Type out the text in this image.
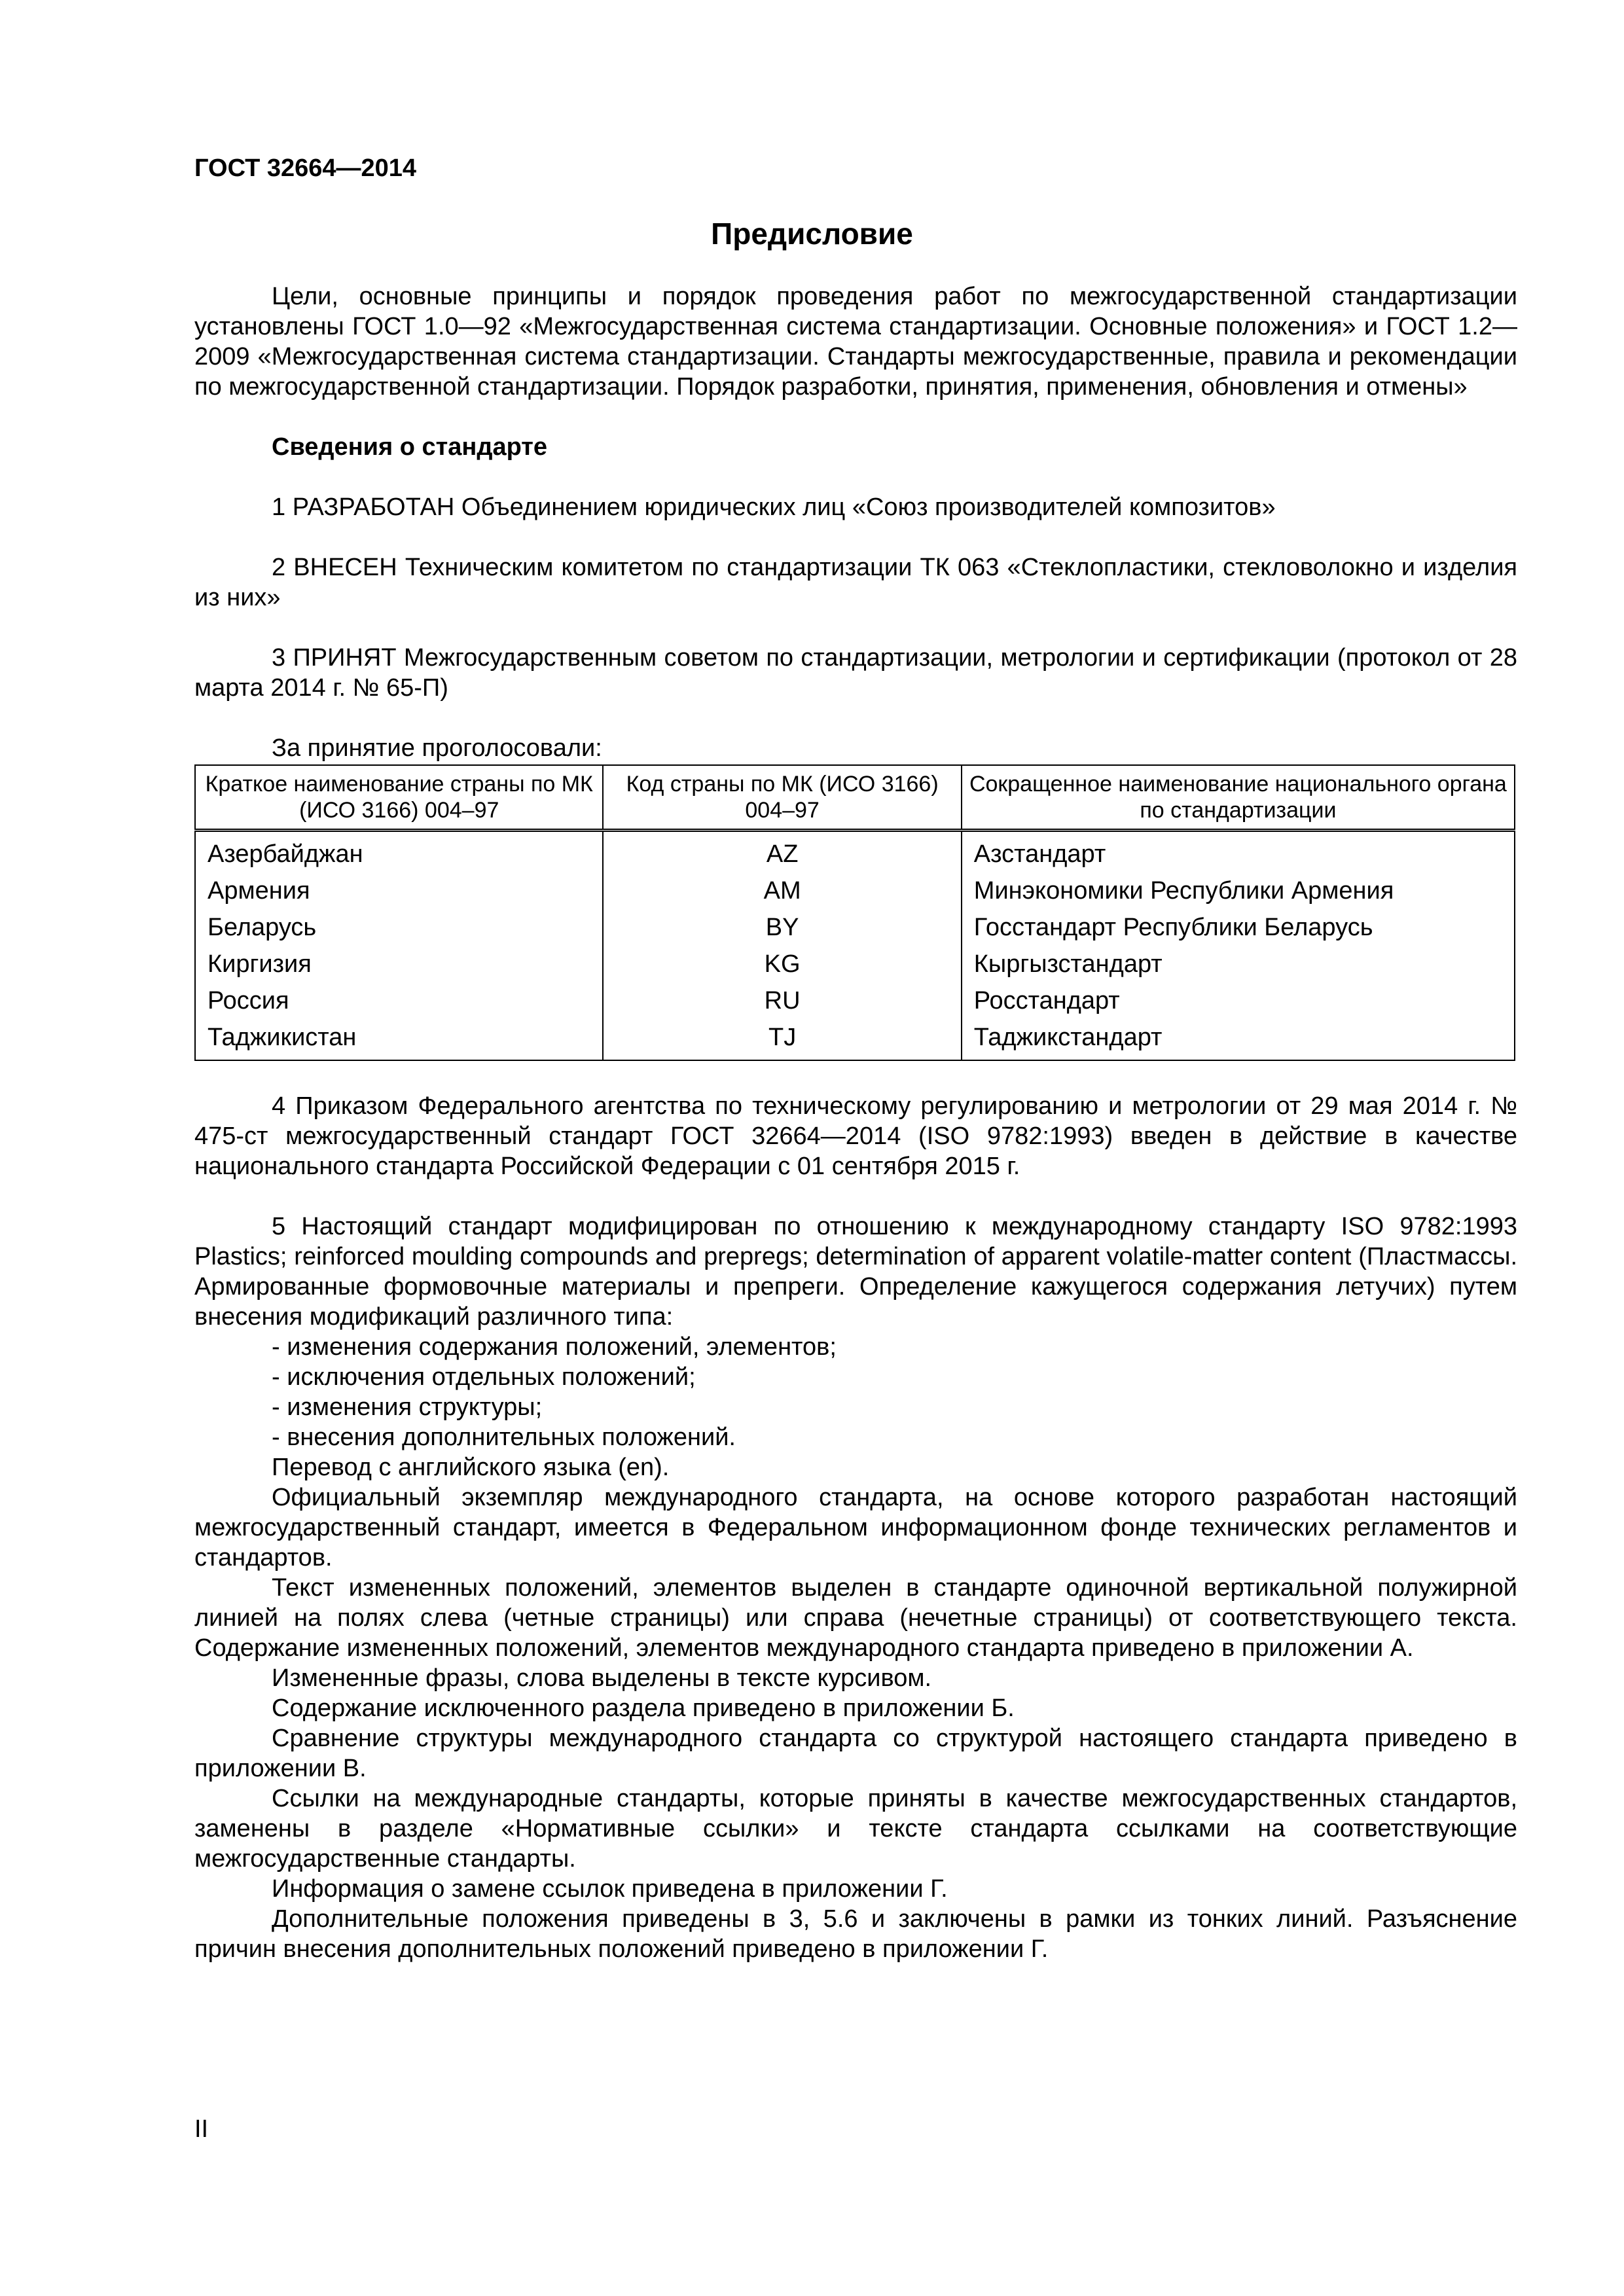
ГОСТ 32664—2014
Предисловие

Цели, основные принципы и порядок проведения работ по межгосударственной стандартизации установлены ГОСТ 1.0—92 «Межгосударственная система стандартизации. Основные положения» и ГОСТ 1.2—2009 «Межгосударственная система стандартизации. Стандарты межгосударственные, правила и рекомендации по межгосударственной стандартизации. Порядок разработки, принятия, применения, обновления и отмены»

Сведения о стандарте

1 РАЗРАБОТАН Объединением юридических лиц «Союз производителей композитов»

2 ВНЕСЕН Техническим комитетом по стандартизации ТК 063 «Стеклопластики, стекловолокно и изделия из них»

3 ПРИНЯТ Межгосударственным советом по стандартизации, метрологии и сертификации (протокол от 28 марта 2014 г. № 65-П)

За принятие проголосовали:

Краткое наименование страны по МК (ИСО 3166) 004–97	Код страны по МК (ИСО 3166) 004–97	Сокращенное наименование национального органа по стандартизации
Азербайджан	AZ	Азстандарт
Армения	AM	Минэкономики Республики Армения
Беларусь	BY	Госстандарт Республики Беларусь
Киргизия	KG	Кыргызстандарт
Россия	RU	Росстандарт
Таджикистан	TJ	Таджикстандарт

4 Приказом Федерального агентства по техническому регулированию и метрологии от 29 мая 2014 г. № 475-ст межгосударственный стандарт ГОСТ 32664—2014 (ISO 9782:1993) введен в действие в качестве национального стандарта Российской Федерации с 01 сентября 2015 г.

5 Настоящий стандарт модифицирован по отношению к международному стандарту ISO 9782:1993 Plastics; reinforced moulding compounds and prepregs; determination of apparent volatile-matter content (Пластмассы. Армированные формовочные материалы и препреги. Определение кажущегося содержания летучих) путем внесения модификаций различного типа:

- изменения содержания положений, элементов;
- исключения отдельных положений;
- изменения структуры;
- внесения дополнительных положений.

Перевод с английского языка (en).

Официальный экземпляр международного стандарта, на основе которого разработан настоящий межгосударственный стандарт, имеется в Федеральном информационном фонде технических регламентов и стандартов.

Текст измененных положений, элементов выделен в стандарте одиночной вертикальной полужирной линией на полях слева (четные страницы) или справа (нечетные страницы) от соответствующего текста. Содержание измененных положений, элементов международного стандарта приведено в приложении А.

Измененные фразы, слова выделены в тексте курсивом.

Содержание исключенного раздела приведено в приложении Б.

Сравнение структуры международного стандарта со структурой настоящего стандарта приведено в приложении В.

Ссылки на международные стандарты, которые приняты в качестве межгосударственных стандартов, заменены в разделе «Нормативные ссылки» и тексте стандарта ссылками на соответствующие межгосударственные стандарты.

Информация о замене ссылок приведена в приложении Г.

Дополнительные положения приведены в 3, 5.6 и заключены в рамки из тонких линий. Разъяснение причин внесения дополнительных положений приведено в приложении Г.

II
